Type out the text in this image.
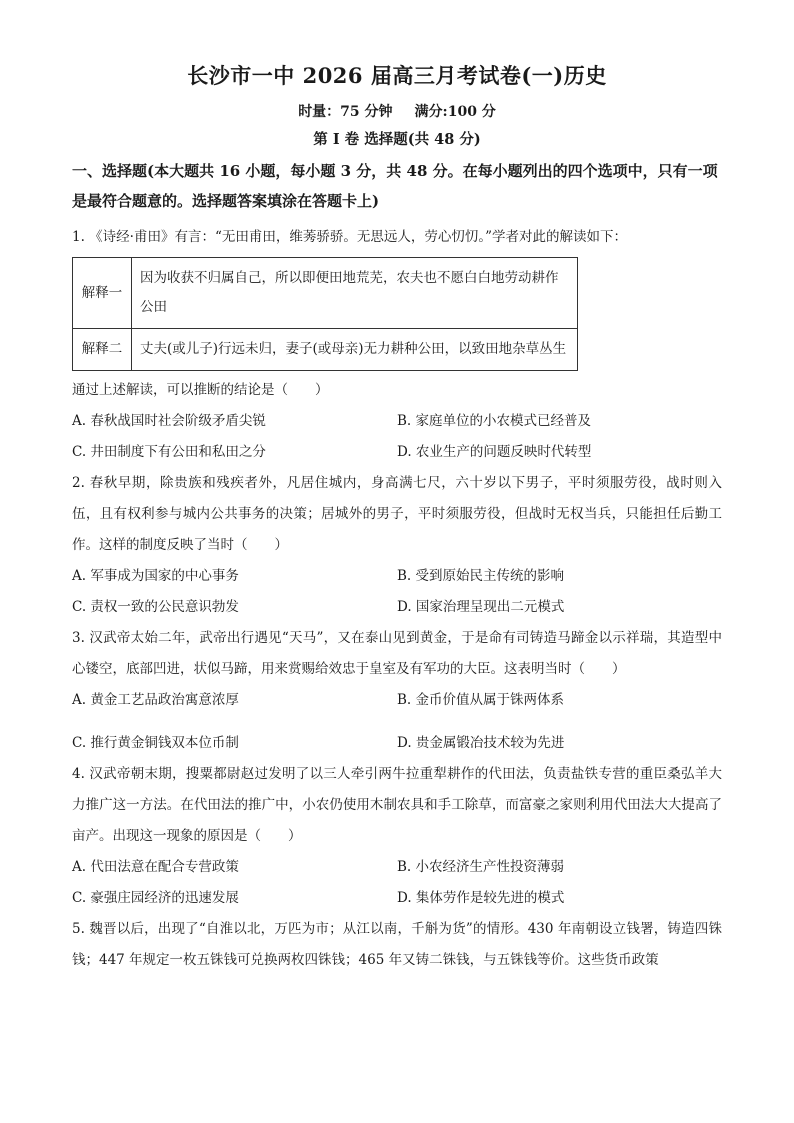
长沙市一中 2026 届高三月考试卷(一)历史
时量：75 分钟 满分:100 分
第 I 卷 选择题(共 48 分)
一、选择题(本大题共 16 小题，每小题 3 分，共 48 分。在每小题列出的四个选项中，只有一项是最符合题意的。选择题答案填涂在答题卡上)

1. 《诗经·甫田》有言：“无田甫田，维莠骄骄。无思远人，劳心忉忉。”学者对此的解读如下：

解释一	因为收获不归属自己，所以即便田地荒芜，农夫也不愿白白地劳动耕作公田
解释二	丈夫(或儿子)行远未归，妻子(或母亲)无力耕种公田，以致田地杂草丛生

通过上述解读，可以推断的结论是（　　）

A. 春秋战国时社会阶级矛盾尖锐	B. 家庭单位的小农模式已经普及
C. 井田制度下有公田和私田之分	D. 农业生产的问题反映时代转型

2. 春秋早期，除贵族和残疾者外，凡居住城内，身高满七尺，六十岁以下男子，平时须服劳役，战时则入伍，且有权利参与城内公共事务的决策；居城外的男子，平时须服劳役，但战时无权当兵，只能担任后勤工作。这样的制度反映了当时（　　）

A. 军事成为国家的中心事务	B. 受到原始民主传统的影响
C. 责权一致的公民意识勃发	D. 国家治理呈现出二元模式

3. 汉武帝太始二年，武帝出行遇见“天马”，又在泰山见到黄金，于是命有司铸造马蹄金以示祥瑞，其造型中心镂空，底部凹进，状似马蹄，用来赏赐给效忠于皇室及有军功的大臣。这表明当时（　　）

A. 黄金工艺品政治寓意浓厚	B. 金币价值从属于铢两体系
C. 推行黄金铜钱双本位币制	D. 贵金属锻冶技术较为先进

4. 汉武帝朝末期，搜粟都尉赵过发明了以三人牵引两牛拉重犁耕作的代田法，负责盐铁专营的重臣桑弘羊大力推广这一方法。在代田法的推广中，小农仍使用木制农具和手工除草，而富豪之家则利用代田法大大提高了亩产。出现这一现象的原因是（　　）

A. 代田法意在配合专营政策	B. 小农经济生产性投资薄弱
C. 豪强庄园经济的迅速发展	D. 集体劳作是较先进的模式

5. 魏晋以后，出现了“自淮以北，万匹为市；从江以南，千斛为货”的情形。430 年南朝设立钱署，铸造四铢钱；447 年规定一枚五铢钱可兑换两枚四铢钱；465 年又铸二铢钱，与五铢钱等价。这些货币政策
